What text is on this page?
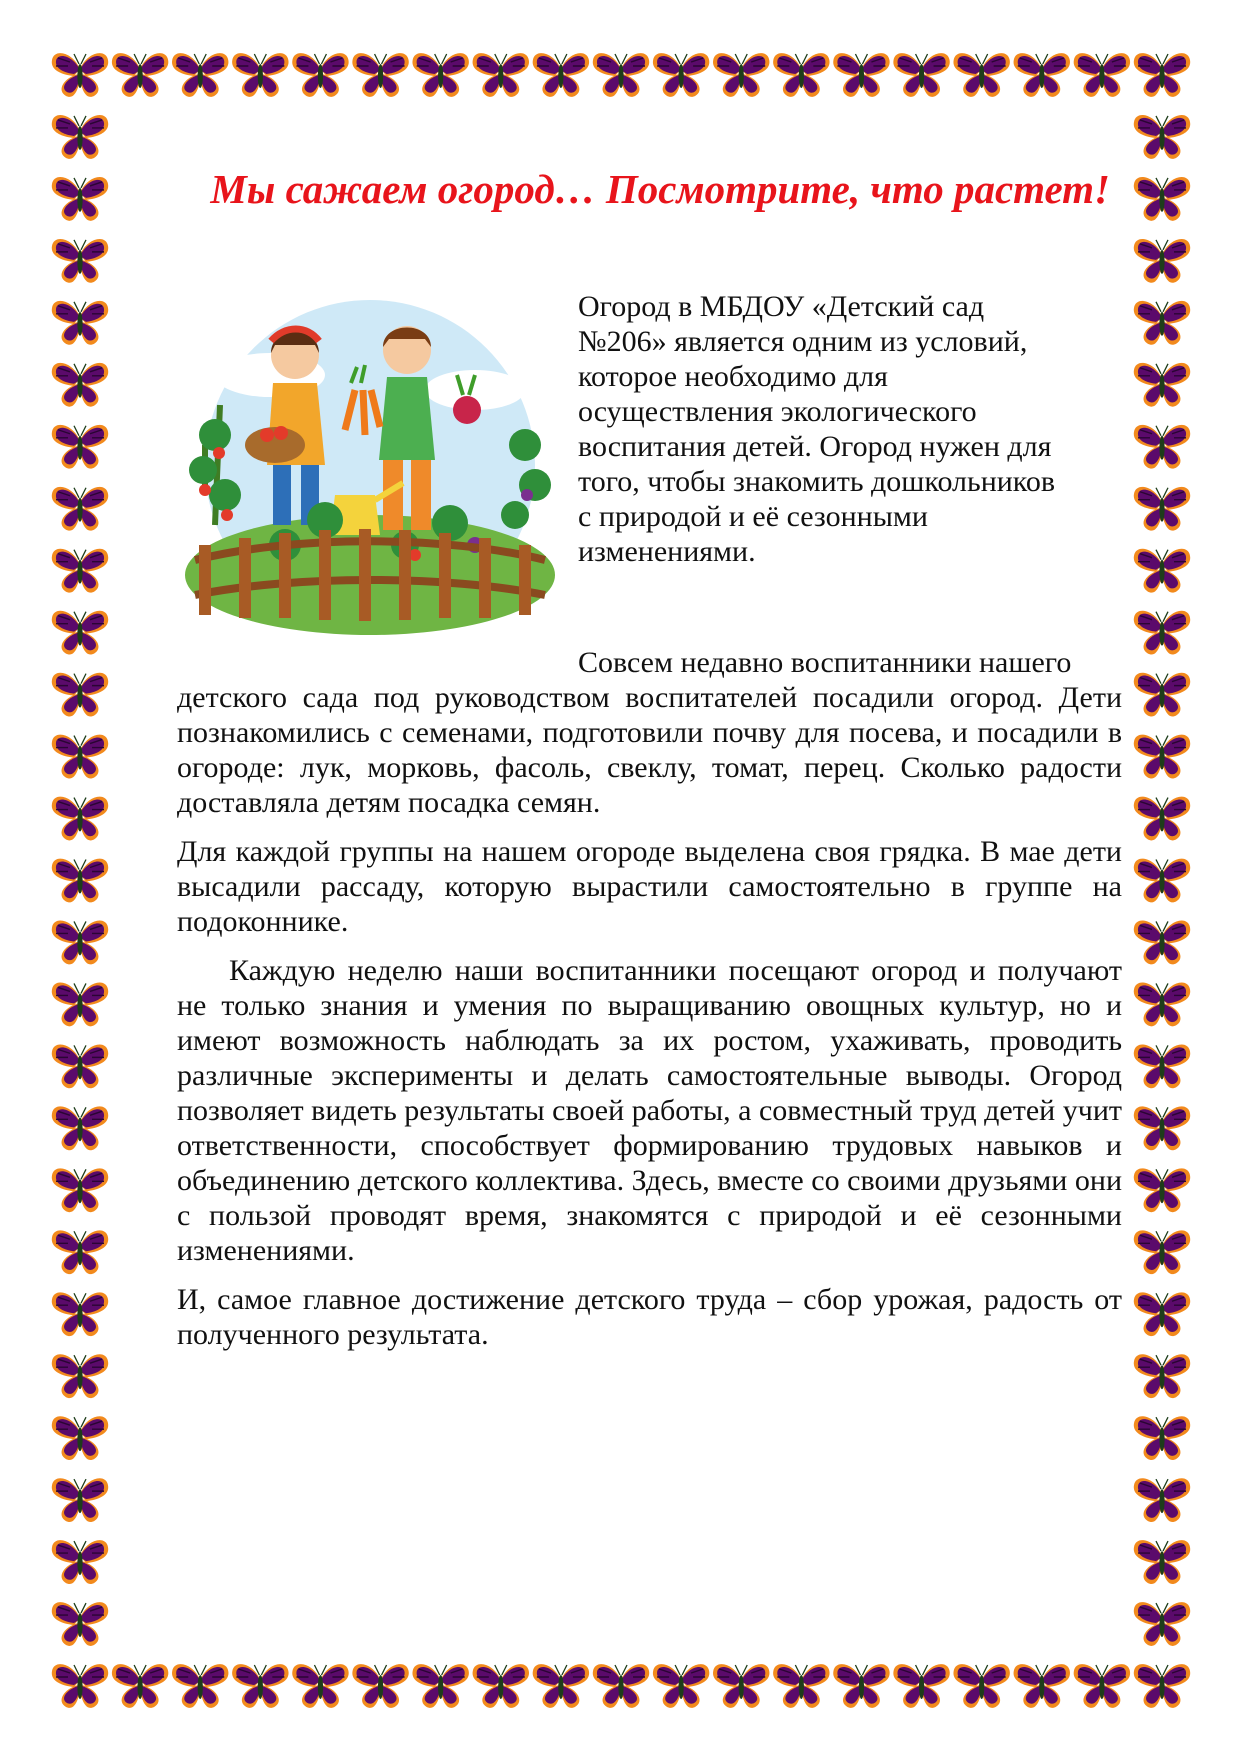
Мы сажаем огород… Посмотрите, что растет!

Огород в МБДОУ «Детский сад
№206» является одним из условий,
которое необходимо для
осуществления экологического
воспитания детей. Огород нужен для
того, чтобы знакомить дошкольников
с природой и её сезонными
изменениями.

Совсем недавно воспитанники нашего
детского сада под руководством воспитателей посадили огород. Дети познакомились с семенами, подготовили почву для посева, и посадили в огороде: лук, морковь, фасоль, свеклу, томат, перец. Сколько радости доставляла детям посадка семян.

Для каждой группы на нашем огороде выделена своя грядка. В мае дети высадили рассаду, которую вырастили самостоятельно в группе на подоконнике.

Каждую неделю наши воспитанники посещают огород и получают не только знания и умения по выращиванию овощных культур, но и имеют возможность наблюдать за их ростом, ухаживать, проводить различные эксперименты и делать самостоятельные выводы. Огород позволяет видеть результаты своей работы, а совместный труд детей учит ответственности, способствует формированию трудовых навыков и объединению детского коллектива. Здесь, вместе со своими друзьями они с пользой проводят время, знакомятся с природой и её сезонными изменениями.

И, самое главное достижение детского труда – сбор урожая, радость от полученного результата.
